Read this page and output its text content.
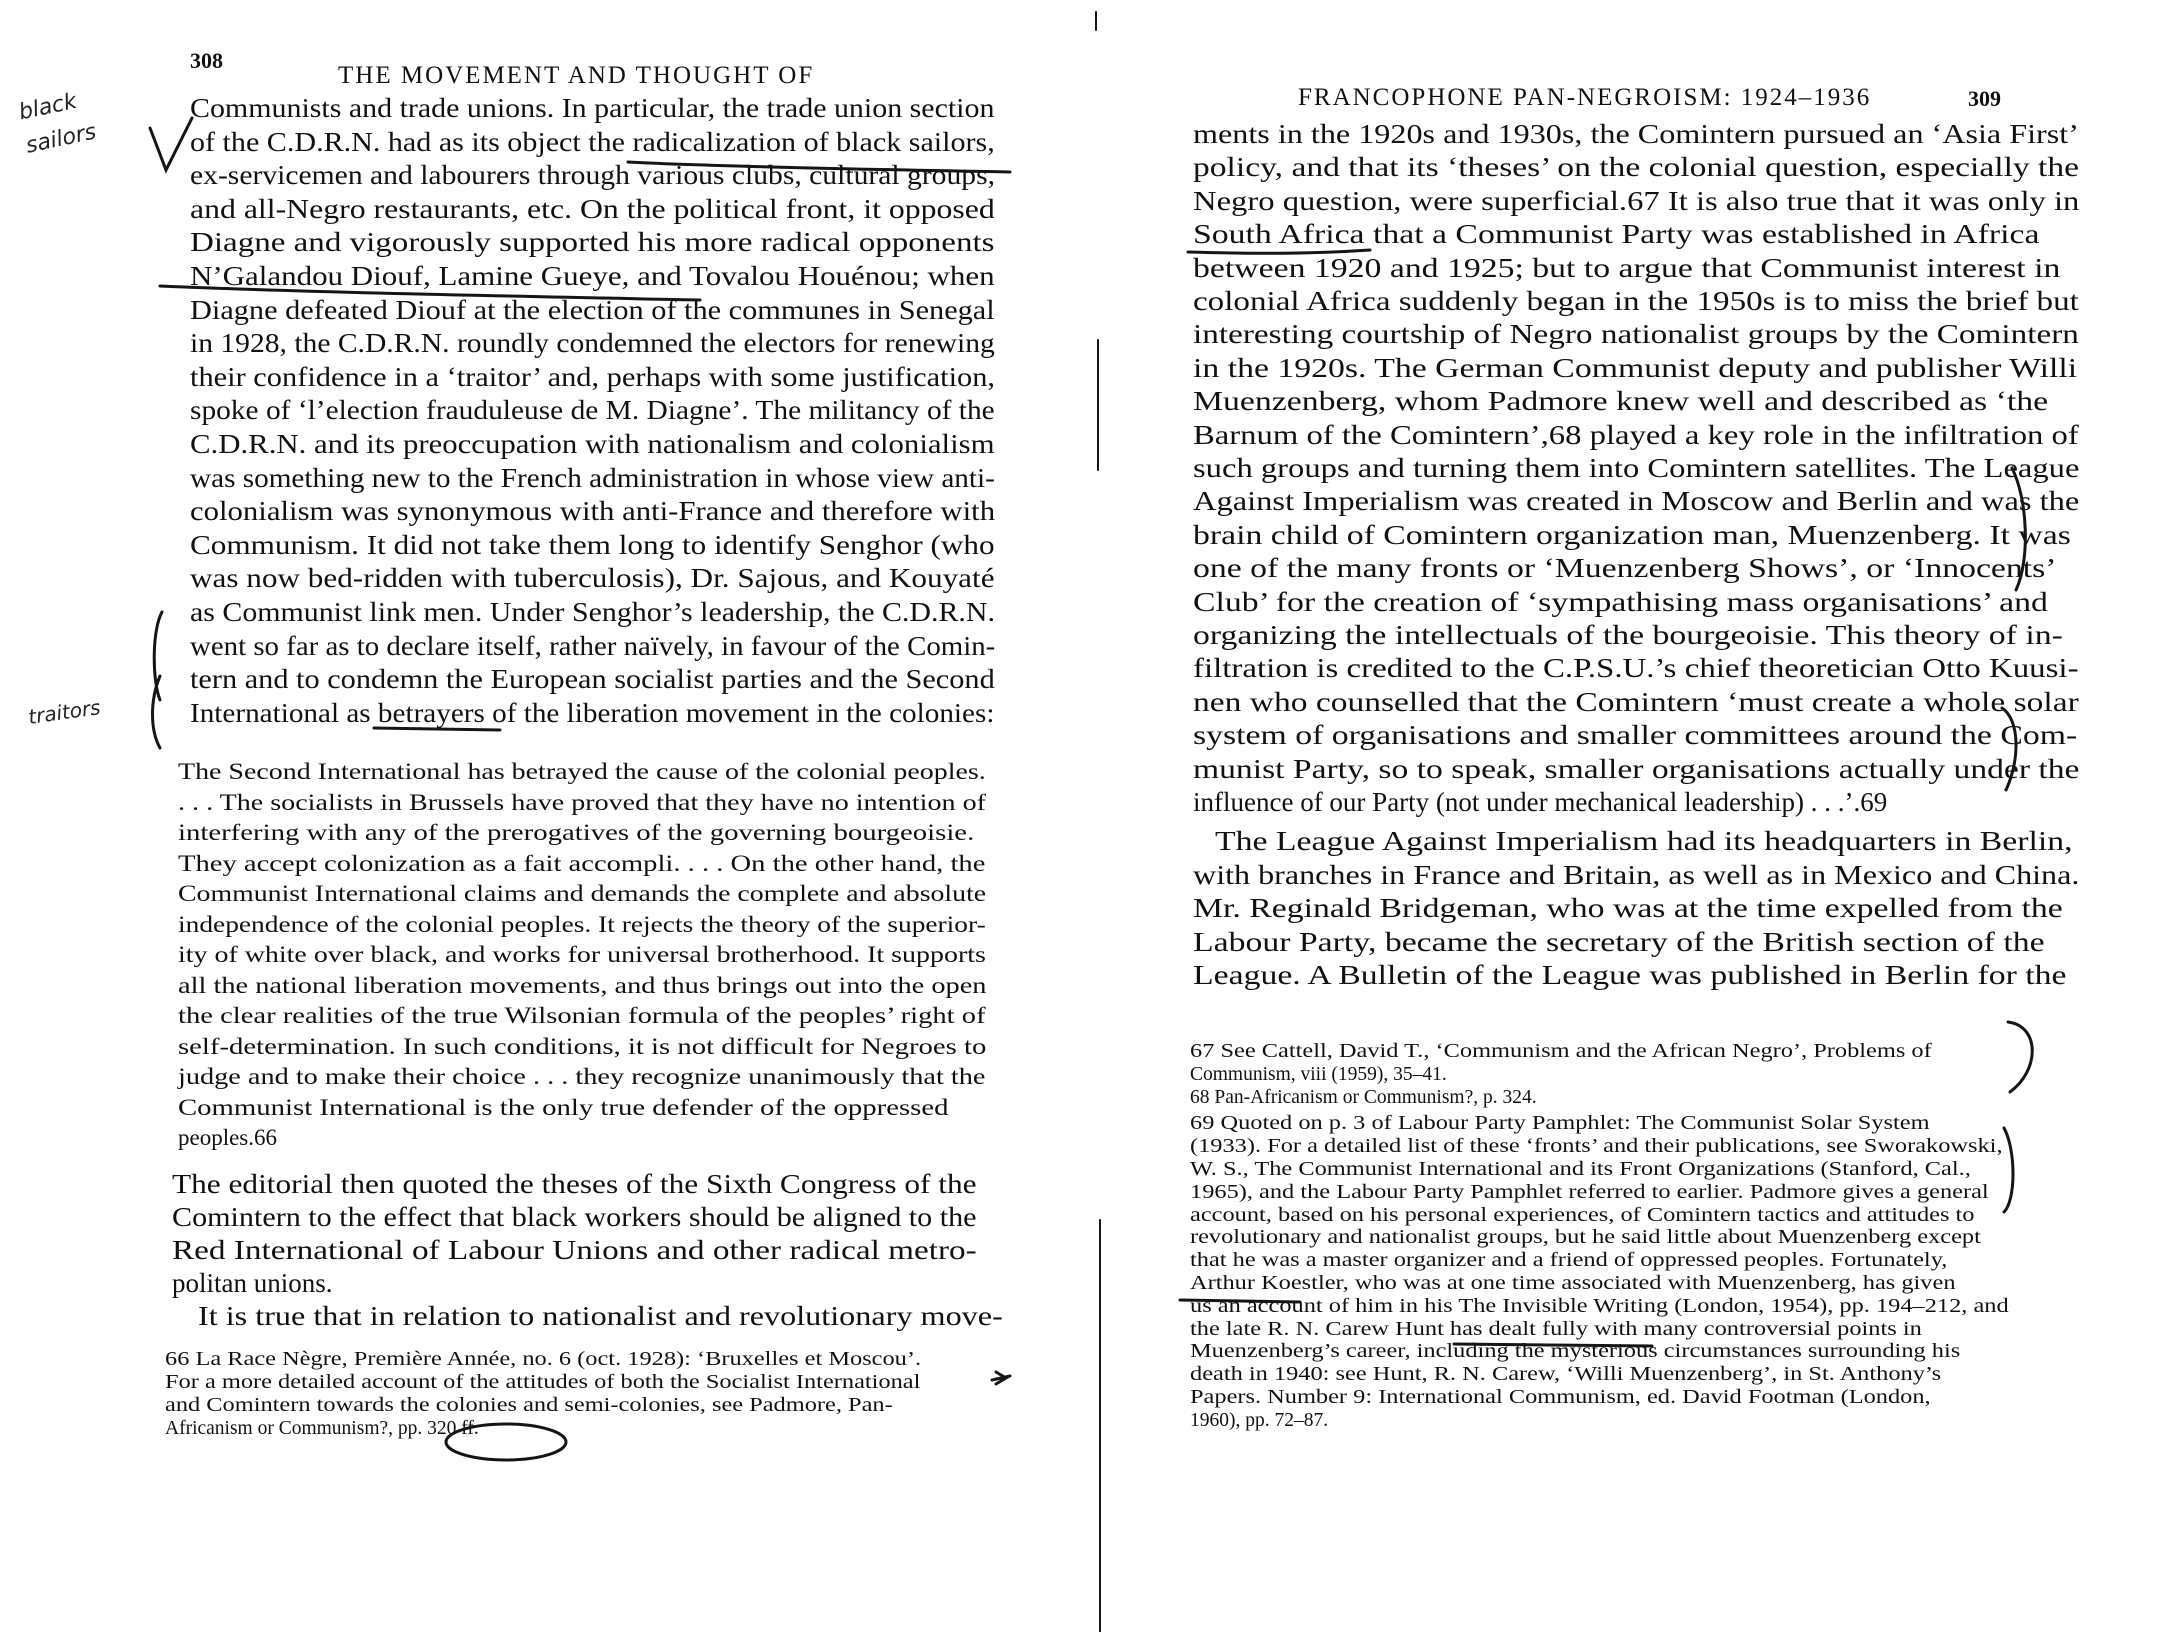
308
THE MOVEMENT AND THOUGHT OF
black sailors
traitors
Communists and trade unions. In particular, the trade union section
of the C.D.R.N. had as its object the radicalization of black sailors,
ex-servicemen and labourers through various clubs, cultural groups,
and all-Negro restaurants, etc. On the political front, it opposed
Diagne and vigorously supported his more radical opponents
N’Galandou Diouf, Lamine Gueye, and Tovalou Houénou; when
Diagne defeated Diouf at the election of the communes in Senegal
in 1928, the C.D.R.N. roundly condemned the electors for renewing
their confidence in a ‘traitor’ and, perhaps with some justification,
spoke of ‘l’election frauduleuse de M. Diagne’. The militancy of the
C.D.R.N. and its preoccupation with nationalism and colonialism
was something new to the French administration in whose view anti-
colonialism was synonymous with anti-France and therefore with
Communism. It did not take them long to identify Senghor (who
was now bed-ridden with tuberculosis), Dr. Sajous, and Kouyaté
as Communist link men. Under Senghor’s leadership, the C.D.R.N.
went so far as to declare itself, rather naïvely, in favour of the Comin-
tern and to condemn the European socialist parties and the Second
International as betrayers of the liberation movement in the colonies:
The Second International has betrayed the cause of the colonial peoples.
. . . The socialists in Brussels have proved that they have no intention of
interfering with any of the prerogatives of the governing bourgeoisie.
They accept colonization as a fait accompli. . . . On the other hand, the
Communist International claims and demands the complete and absolute
independence of the colonial peoples. It rejects the theory of the superior-
ity of white over black, and works for universal brotherhood. It supports
all the national liberation movements, and thus brings out into the open
the clear realities of the true Wilsonian formula of the peoples’ right of
self-determination. In such conditions, it is not difficult for Negroes to
judge and to make their choice . . . they recognize unanimously that the
Communist International is the only true defender of the oppressed
peoples.66
The editorial then quoted the theses of the Sixth Congress of the
Comintern to the effect that black workers should be aligned to the
Red International of Labour Unions and other radical metro-
politan unions.
It is true that in relation to nationalist and revolutionary move-
66 La Race Nègre, Première Année, no. 6 (oct. 1928): ‘Bruxelles et Moscou’.
For a more detailed account of the attitudes of both the Socialist International
and Comintern towards the colonies and semi-colonies, see Padmore, Pan-
Africanism or Communism?, pp. 320 ff.
FRANCOPHONE PAN-NEGROISM: 1924–1936	309
ments in the 1920s and 1930s, the Comintern pursued an ‘Asia First’
policy, and that its ‘theses’ on the colonial question, especially the
Negro question, were superficial.67 It is also true that it was only in
South Africa that a Communist Party was established in Africa
between 1920 and 1925; but to argue that Communist interest in
colonial Africa suddenly began in the 1950s is to miss the brief but
interesting courtship of Negro nationalist groups by the Comintern
in the 1920s. The German Communist deputy and publisher Willi
Muenzenberg, whom Padmore knew well and described as ‘the
Barnum of the Comintern’,68 played a key role in the infiltration of
such groups and turning them into Comintern satellites. The League
Against Imperialism was created in Moscow and Berlin and was the
brain child of Comintern organization man, Muenzenberg. It was
one of the many fronts or ‘Muenzenberg Shows’, or ‘Innocents’
Club’ for the creation of ‘sympathising mass organisations’ and
organizing the intellectuals of the bourgeoisie. This theory of in-
filtration is credited to the C.P.S.U.’s chief theoretician Otto Kuusi-
nen who counselled that the Comintern ‘must create a whole solar
system of organisations and smaller committees around the Com-
munist Party, so to speak, smaller organisations actually under the
influence of our Party (not under mechanical leadership) . . .’.69
The League Against Imperialism had its headquarters in Berlin,
with branches in France and Britain, as well as in Mexico and China.
Mr. Reginald Bridgeman, who was at the time expelled from the
Labour Party, became the secretary of the British section of the
League. A Bulletin of the League was published in Berlin for the
67 See Cattell, David T., ‘Communism and the African Negro’, Problems of
Communism, viii (1959), 35–41.
68 Pan-Africanism or Communism?, p. 324.
69 Quoted on p. 3 of Labour Party Pamphlet: The Communist Solar System
(1933). For a detailed list of these ‘fronts’ and their publications, see Sworakowski,
W. S., The Communist International and its Front Organizations (Stanford, Cal.,
1965), and the Labour Party Pamphlet referred to earlier. Padmore gives a general
account, based on his personal experiences, of Comintern tactics and attitudes to
revolutionary and nationalist groups, but he said little about Muenzenberg except
that he was a master organizer and a friend of oppressed peoples. Fortunately,
Arthur Koestler, who was at one time associated with Muenzenberg, has given
us an account of him in his The Invisible Writing (London, 1954), pp. 194–212, and
the late R. N. Carew Hunt has dealt fully with many controversial points in
Muenzenberg’s career, including the mysterious circumstances surrounding his
death in 1940: see Hunt, R. N. Carew, ‘Willi Muenzenberg’, in St. Anthony’s
Papers. Number 9: International Communism, ed. David Footman (London,
1960), pp. 72–87.
